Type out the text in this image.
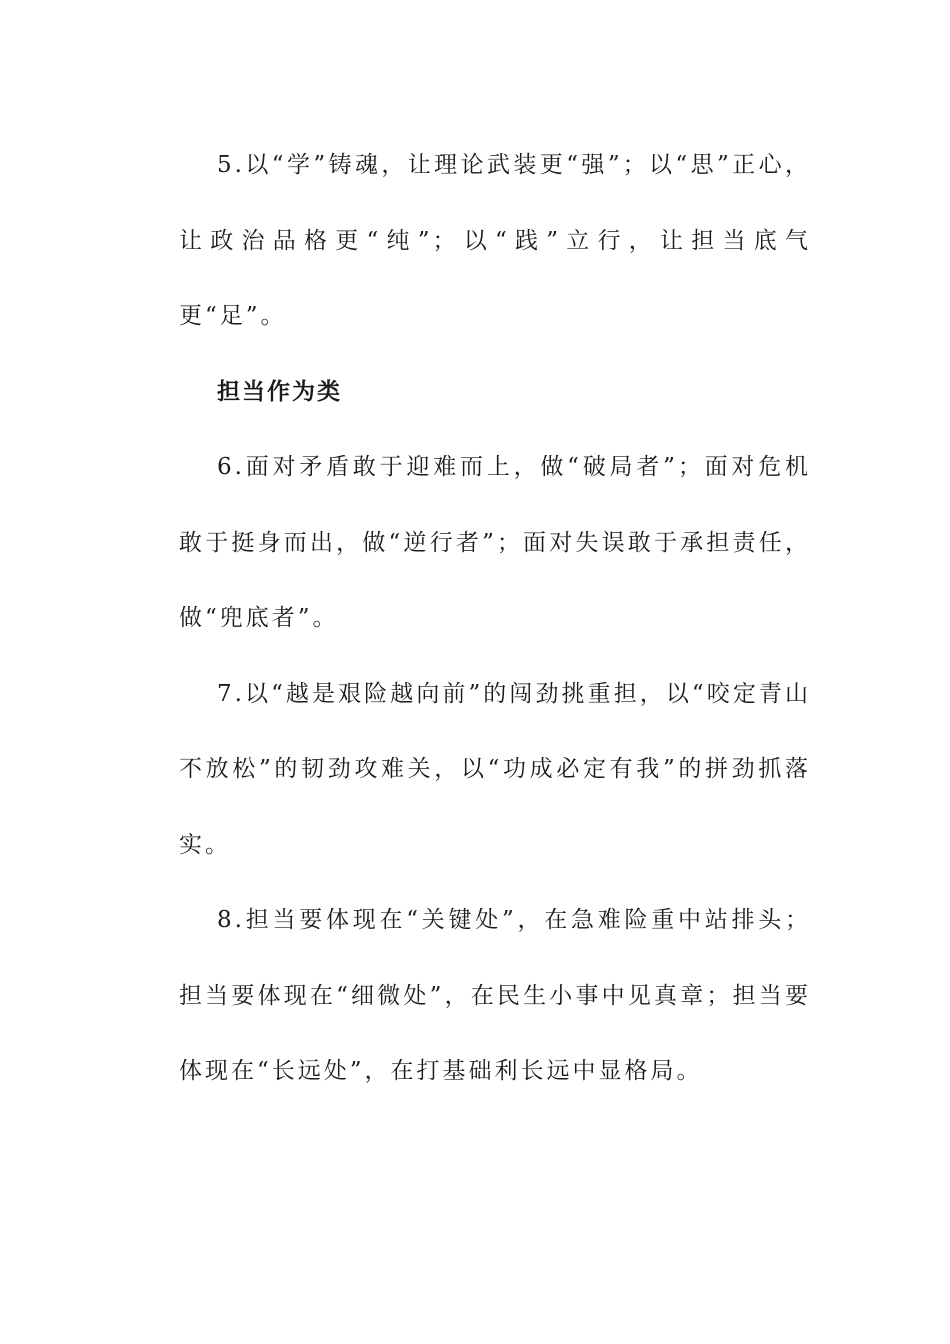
5.以“学”铸魂，让理论武装更“强”；以“思”正心，让政治品格更“纯”；以“践”立行，让担当底气更“足”。

担当作为类

6.面对矛盾敢于迎难而上，做“破局者”；面对危机敢于挺身而出，做“逆行者”；面对失误敢于承担责任，做“兜底者”。

7.以“越是艰险越向前”的闯劲挑重担，以“咬定青山不放松”的韧劲攻难关，以“功成必定有我”的拼劲抓落实。

8.担当要体现在“关键处”，在急难险重中站排头；担当要体现在“细微处”，在民生小事中见真章；担当要体现在“长远处”，在打基础利长远中显格局。
